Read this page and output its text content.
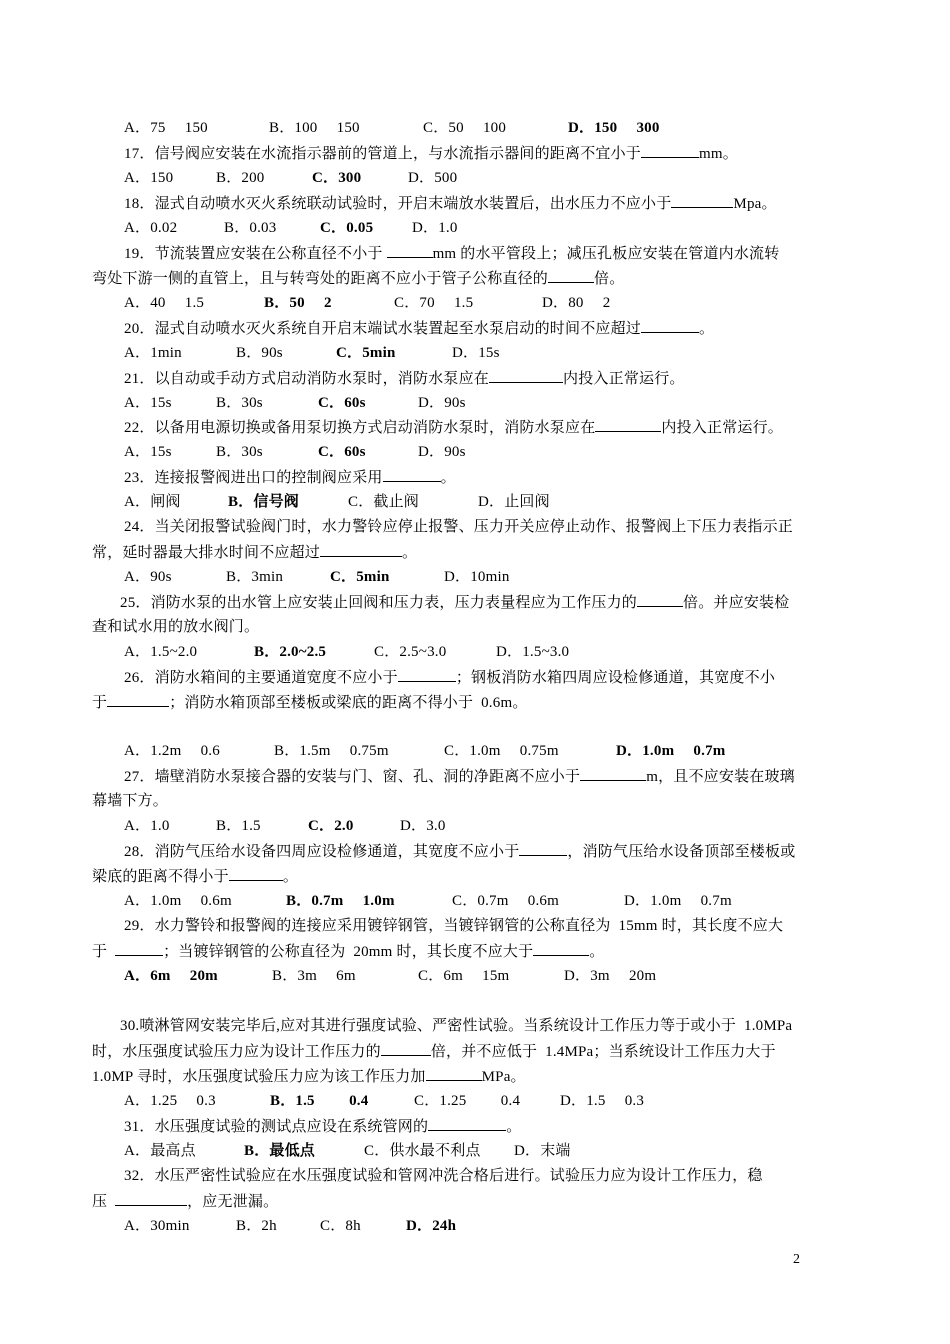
A．75　 150	B．100　 150	C．50　 100	D．150　 300
17．信号阀应安装在水流指示器前的管道上，与水流指示器间的距离不宜小于	mm。
A．150	B．200	C．300	D．500
18．湿式自动喷水灭火系统联动试验时，开启末端放水装置后，出水压力不应小于	Mpa。
A．0.02	B．0.03	C．0.05	D．1.0
19．节流装置应安装在公称直径不小于	mm 的水平管段上；减压孔板应安装在管道内水流转
弯处下游一侧的直管上，且与转弯处的距离不应小于管子公称直径的	倍。
A．40　 1.5	B．50　 2	C．70　 1.5	D．80　 2
20．湿式自动喷水灭火系统自开启末端试水装置起至水泵启动的时间不应超过	。
A．1min	B．90s	C．5min	D．15s
21．以自动或手动方式启动消防水泵时，消防水泵应在	内投入正常运行。
A．15s	B．30s	C．60s	D．90s
22．以备用电源切换或备用泵切换方式启动消防水泵时，消防水泵应在	内投入正常运行。
A．15s	B．30s	C．60s	D．90s
23．连接报警阀进出口的控制阀应采用	。
A．闸阀	B．信号阀	C．截止阀	D．止回阀
24．当关闭报警试验阀门时，水力警铃应停止报警、压力开关应停止动作、报警阀上下压力表指示正
常，延时器最大排水时间不应超过	。
A．90s	B．3min	C．5min	D．10min
25．消防水泵的出水管上应安装止回阀和压力表，压力表量程应为工作压力的	倍。并应安装检
查和试水用的放水阀门。
A．1.5~2.0	B．2.0~2.5	C．2.5~3.0	D．1.5~3.0
26．消防水箱间的主要通道宽度不应小于	；钢板消防水箱四周应设检修通道，其宽度不小
于	；消防水箱顶部至楼板或梁底的距离不得小于  0.6m。
A．1.2m　 0.6	B．1.5m　 0.75m	C．1.0m　 0.75m	D．1.0m　 0.7m
27．墙壁消防水泵接合器的安装与门、窗、孔、洞的净距离不应小于	m，且不应安装在玻璃
幕墙下方。
A．1.0	B．1.5	C．2.0	D．3.0
28．消防气压给水设备四周应设检修通道，其宽度不应小于	，消防气压给水设备顶部至楼板或
梁底的距离不得小于	。
A．1.0m　 0.6m	B．0.7m　 1.0m	C．0.7m　 0.6m	D．1.0m　 0.7m
29．水力警铃和报警阀的连接应采用镀锌钢管，当镀锌钢管的公称直径为  15mm 时，其长度不应大
于	；当镀锌钢管的公称直径为  20mm 时，其长度不应大于	。
A．6m　 20m	B．3m　 6m	C．6m　 15m	D．3m　 20m
30.喷淋管网安装完毕后,应对其进行强度试验、严密性试验。当系统设计工作压力等于或小于  1.0MPa
时，水压强度试验压力应为设计工作压力的	倍，并不应低于  1.4MPa；当系统设计工作压力大于
1.0MP 寻时，水压强度试验压力应为该工作压力加	MPa。
A．1.25　 0.3	B．1.5　　 0.4	C．1.25　　 0.4	D．1.5　 0.3
31．水压强度试验的测试点应设在系统管网的	。
A．最高点	B．最低点	C．供水最不利点 D．末端
32．水压严密性试验应在水压强度试验和管网冲洗合格后进行。试验压力应为设计工作压力，稳
压	，应无泄漏。
A．30min	B．2h	C．8h	D．24h
2
